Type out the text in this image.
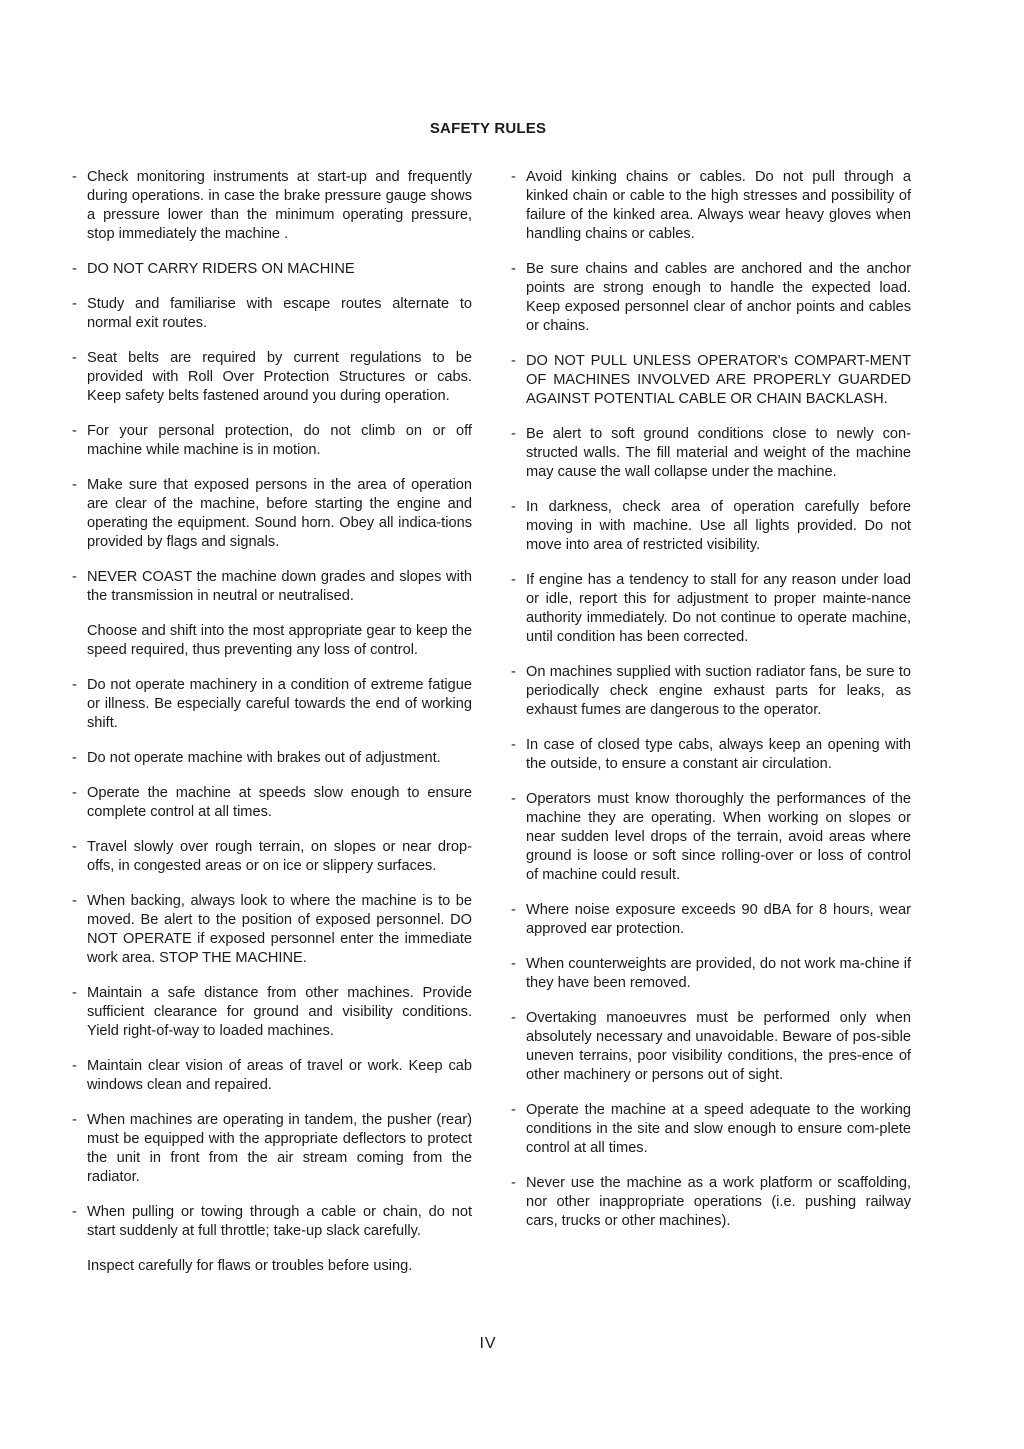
SAFETY RULES
- Check monitoring instruments at start-up and frequently during operations. in case the brake pressure gauge shows a pressure lower than the minimum operating pressure, stop immediately the machine .
- DO NOT CARRY RIDERS ON MACHINE
- Study and familiarise with escape routes alternate to normal exit routes.
- Seat belts are required by current regulations to be provided with Roll Over Protection Structures or cabs. Keep safety belts fastened around you during operation.
- For your personal protection, do not climb on or off machine while machine is in motion.
- Make sure that exposed persons in the area of operation are clear of the machine, before starting the engine and operating the equipment. Sound horn. Obey all indica-tions provided by flags and signals.
- NEVER COAST the machine down grades and slopes with the transmission in neutral or neutralised.
Choose and shift into the most appropriate gear to keep the speed required, thus preventing any loss of control.
- Do not operate machinery in a condition of extreme fatigue or illness. Be especially careful towards the end of working shift.
- Do not operate machine with brakes out of adjustment.
- Operate the machine at speeds slow enough to ensure complete control at all times.
- Travel slowly over rough terrain, on slopes or near drop-offs, in congested areas or on ice or slippery surfaces.
- When backing, always look to where the machine is to be moved. Be alert to the position of exposed personnel. DO NOT OPERATE if exposed personnel enter the immediate work area. STOP THE MACHINE.
- Maintain a safe distance from other machines. Provide sufficient clearance for ground and visibility conditions. Yield right-of-way to loaded machines.
- Maintain clear vision of areas of travel or work. Keep cab windows clean and repaired.
- When machines are operating in tandem, the pusher (rear) must be equipped with the appropriate deflectors to protect the unit in front from the air stream coming from the radiator.
- When pulling or towing through a cable or chain, do not start suddenly at full throttle; take-up slack carefully.
Inspect carefully for flaws or troubles before using.
- Avoid kinking chains or cables. Do not pull through a kinked chain or cable to the high stresses and possibility of failure of the kinked area. Always wear heavy gloves when handling chains or cables.
- Be sure chains and cables are anchored and the anchor points are strong enough to handle the expected load. Keep exposed personnel clear of anchor points and cables or chains.
- DO NOT PULL UNLESS OPERATOR's COMPART-MENT OF MACHINES INVOLVED ARE PROPERLY GUARDED AGAINST POTENTIAL CABLE OR CHAIN BACKLASH.
- Be alert to soft ground conditions close to newly con-structed walls. The fill material and weight of the machine may cause the wall collapse under the machine.
- In darkness, check area of operation carefully before moving in with machine. Use all lights provided. Do not move into area of restricted visibility.
- If engine has a tendency to stall for any reason under load or idle, report this for adjustment to proper mainte-nance authority immediately. Do not continue to operate machine, until condition has been corrected.
- On machines supplied with suction radiator fans, be sure to periodically check engine exhaust parts for leaks, as exhaust fumes are dangerous to the operator.
- In case of closed type cabs, always keep an opening with the outside, to ensure a constant air circulation.
- Operators must know thoroughly the performances of the machine they are operating. When working on slopes or near sudden level drops of the terrain, avoid areas where ground is loose or soft since rolling-over or loss of control of machine could result.
- Where noise exposure exceeds 90 dBA for 8 hours, wear approved ear protection.
- When counterweights are provided, do not work ma-chine if they have been removed.
- Overtaking manoeuvres must be performed only when absolutely necessary and unavoidable. Beware of pos-sible uneven terrains, poor visibility conditions, the pres-ence of other machinery or persons out of sight.
- Operate the machine at a speed adequate to the working conditions in the site and slow enough to ensure com-plete control at all times.
- Never use the machine as a work platform or scaffolding, nor other inappropriate operations (i.e. pushing railway cars, trucks or other machines).
IV
